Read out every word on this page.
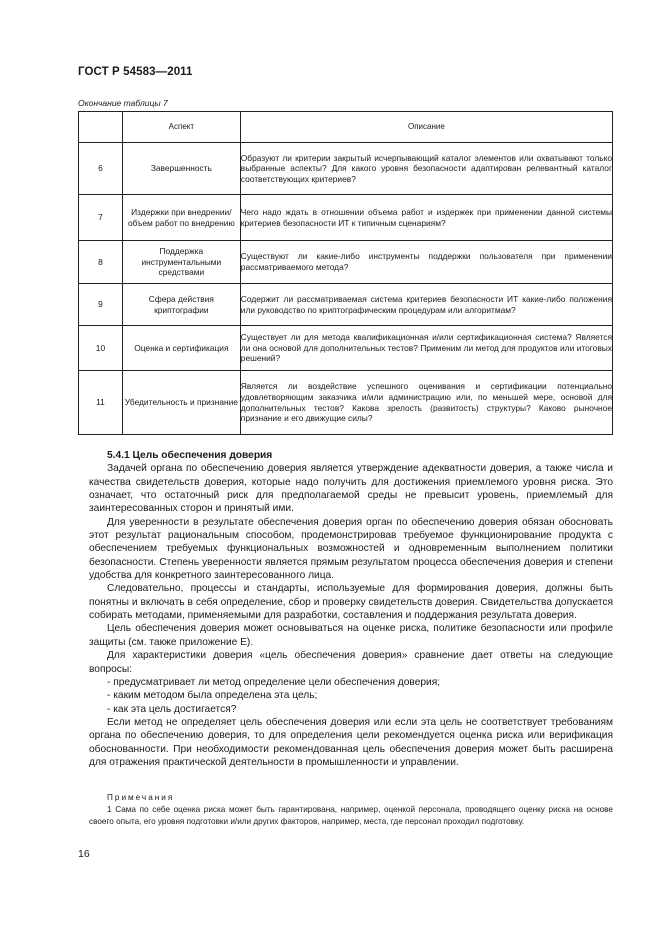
ГОСТ Р 54583—2011
Окончание таблицы 7
	Аспект	Описание
6	Завершенность	Образуют ли критерии закрытый исчерпывающий каталог элементов или охватывают только выбранные аспекты? Для какого уровня безопасности адаптирован релевантный каталог соответствующих критериев?
7	Издержки при внедрении/объем работ по внедрению	Чего надо ждать в отношении объема работ и издержек при применении данной системы критериев безопасности ИТ к типичным сценариям?
8	Поддержка инструментальными средствами	Существуют ли какие-либо инструменты поддержки пользователя при применении рассматриваемого метода?
9	Сфера действия криптографии	Содержит ли рассматриваемая система критериев безопасности ИТ какие-либо положения или руководство по криптографическим процедурам или алгоритмам?
10	Оценка и сертификация	Существует ли для метода квалификационная и/или сертификационная система? Является ли она основой для дополнительных тестов? Применим ли метод для продуктов или итоговых решений?
11	Убедительность и признание	Является ли воздействие успешного оценивания и сертификации потенциально удовлетворяющим заказчика и/или администрацию или, по меньшей мере, основой для дополнительных тестов? Какова зрелость (развитость) структуры? Каково рыночное признание и его движущие силы?

5.4.1 Цель обеспечения доверия

Задачей органа по обеспечению доверия является утверждение адекватности доверия, а также числа и качества свидетельств доверия, которые надо получить для достижения приемлемого уровня риска. Это означает, что остаточный риск для предполагаемой среды не превысит уровень, приемлемый для заинтересованных сторон и принятый ими.

Для уверенности в результате обеспечения доверия орган по обеспечению доверия обязан обосновать этот результат рациональным способом, продемонстрировав требуемое функционирование продукта с обеспечением требуемых функциональных возможностей и одновременным выполнением политики безопасности. Степень уверенности является прямым результатом процесса обеспечения доверия и степени удобства для конкретного заинтересованного лица.

Следовательно, процессы и стандарты, используемые для формирования доверия, должны быть понятны и включать в себя определение, сбор и проверку свидетельств доверия. Свидетельства допускается собирать методами, применяемыми для разработки, составления и поддержания результата доверия.

Цель обеспечения доверия может основываться на оценке риска, политике безопасности или профиле защиты (см. также приложение Е).

Для характеристики доверия «цель обеспечения доверия» сравнение дает ответы на следующие вопросы:

- предусматривает ли метод определение цели обеспечения доверия;

- каким методом была определена эта цель;

- как эта цель достигается?

Если метод не определяет цель обеспечения доверия или если эта цель не соответствует требованиям органа по обеспечению доверия, то для определения цели рекомендуется оценка риска или верификация обоснованности. При необходимости рекомендованная цель обеспечения доверия может быть расширена для отражения практической деятельности в промышленности и управлении.

Примечания
1 Сама по себе оценка риска может быть гарантирована, например, оценкой персонала, проводящего оценку риска на основе своего опыта, его уровня подготовки и/или других факторов, например, места, где персонал проходил подготовку.
16
